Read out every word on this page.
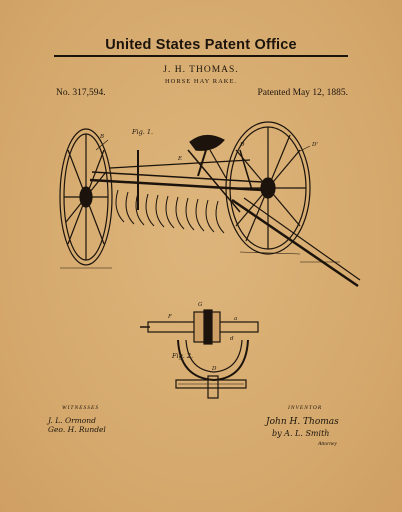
United States Patent Office
J. H. THOMAS.
HORSE HAY RAKE.
No. 317,594.	Patented May 12, 1885.
Fig. 1.
Fig. 2.
B
D
E
D'
F
G
a
d
D
WITNESSES
J. L. Ormond
Geo. H. Rundel
INVENTOR
John H. Thomas
by A. L. Smith
Attorney
